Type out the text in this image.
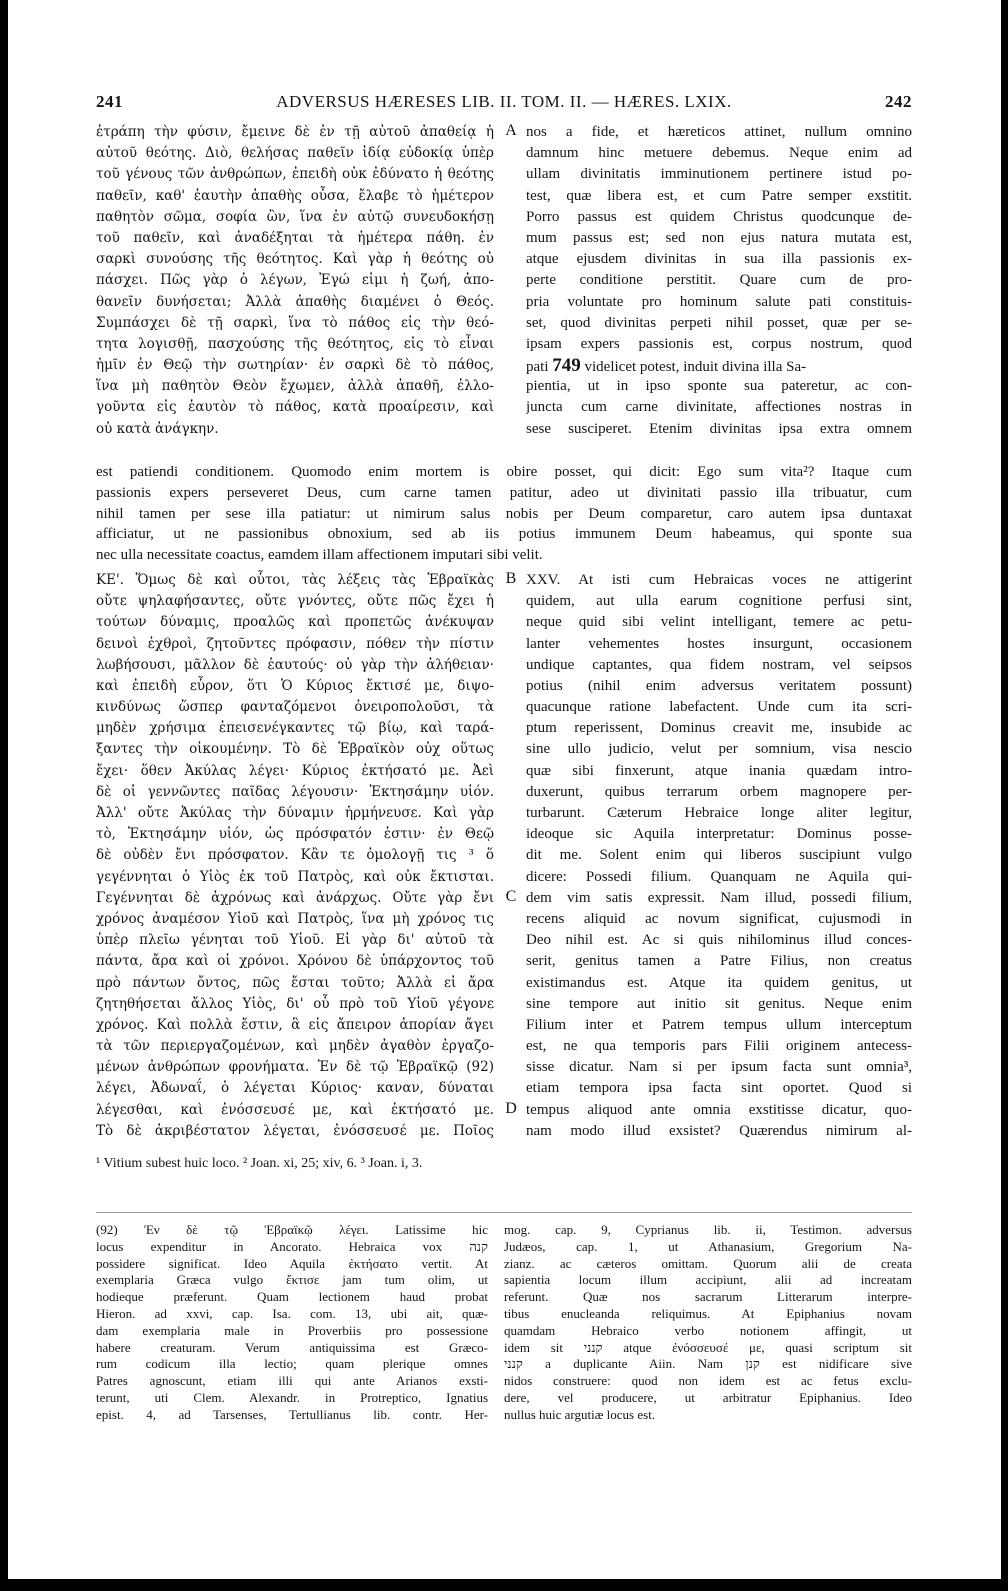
241	ADVERSUS HÆRESES LIB. II. TOM. II. — HÆRES. LXIX.	242
ἐτράπη τὴν φύσιν, ἔμεινε δὲ ἐν τῇ αὐτοῦ ἀπαθείᾳ ἡ
αὐτοῦ θεότης. Διὸ, θελήσας παθεῖν ἰδίᾳ εὐδοκίᾳ ὑπὲρ
τοῦ γένους τῶν ἀνθρώπων, ἐπειδὴ οὐκ ἐδύνατο ἡ θεότης
παθεῖν, καθ' ἑαυτὴν ἀπαθὴς οὖσα, ἔλαβε τὸ ἡμέτερον
παθητὸν σῶμα, σοφία ὢν, ἵνα ἐν αὐτῷ συνευδοκήσῃ
τοῦ παθεῖν, καὶ ἀναδέξηται τὰ ἡμέτερα πάθη. ἐν
σαρκὶ συνούσης τῆς θεότητος. Καὶ γὰρ ἡ θεότης οὐ
πάσχει. Πῶς γὰρ ὁ λέγων, Ἐγώ εἰμι ἡ ζωή, ἀπο-
θανεῖν δυνήσεται; Ἀλλὰ ἀπαθὴς διαμένει ὁ Θεός.
Συμπάσχει δὲ τῇ σαρκὶ, ἵνα τὸ πάθος εἰς τὴν θεό-
τητα λογισθῇ, πασχούσης τῆς θεότητος, εἰς τὸ εἶναι
ἡμῖν ἐν Θεῷ τὴν σωτηρίαν· ἐν σαρκὶ δὲ τὸ πάθος,
ἵνα μὴ παθητὸν Θεὸν ἔχωμεν, ἀλλὰ ἀπαθῆ, ἐλλο-
γοῦντα εἰς ἑαυτὸν τὸ πάθος, κατὰ προαίρεσιν, καὶ
οὐ κατὰ ἀνάγκην.
A nos a fide, et hæreticos attinet, nullum omnino
damnum hinc metuere debemus. Neque enim ad
ullam divinitatis imminutionem pertinere istud po-
test, quæ libera est, et cum Patre semper exstitit.
Porro passus est quidem Christus quodcunque de-
mum passus est; sed non ejus natura mutata est,
atque ejusdem divinitas in sua illa passionis ex-
perte conditione perstitit. Quare cum de pro-
pria voluntate pro hominum salute pati constituis-
set, quod divinitas perpeti nihil posset, quæ per se-
ipsam expers passionis est, corpus nostrum, quod
pati 749 videlicet potest, induit divina illa Sa-
pientia, ut in ipso sponte sua pateretur, ac con-
juncta cum carne divinitate, affectiones nostras in
sese susciperet. Etenim divinitas ipsa extra omnem
est patiendi conditionem. Quomodo enim mortem is obire posset, qui dicit: Ego sum vita²? Itaque cum
passionis expers perseveret Deus, cum carne tamen patitur, adeo ut divinitati passio illa tribuatur, cum
nihil tamen per sese illa patiatur: ut nimirum salus nobis per Deum comparetur, caro autem ipsa duntaxat
afficiatur, ut ne passionibus obnoxium, sed ab iis potius immunem Deum habeamus, qui sponte sua
nec ulla necessitate coactus, eamdem illam affectionem imputari sibi velit.
ΚΕ'. Ὅμως δὲ καὶ οὗτοι, τὰς λέξεις τὰς Ἑβραϊκὰς
οὔτε ψηλαφήσαντες, οὔτε γνόντες, οὔτε πῶς ἔχει ἡ
τούτων δύναμις, προαλῶς καὶ προπετῶς ἀνέκυψαν
δεινοὶ ἐχθροὶ, ζητοῦντες πρόφασιν, πόθεν τὴν πίστιν
λωβήσουσι, μᾶλλον δὲ ἑαυτούς· οὐ γὰρ τὴν ἀλήθειαν·
καὶ ἐπειδὴ εὗρον, ὅτι Ὁ Κύριος ἔκτισέ με, διψο-
κινδύνως ὥσπερ φανταζόμενοι ὀνειροπολοῦσι, τὰ
μηδὲν χρήσιμα ἐπεισενέγκαντες τῷ βίῳ, καὶ ταρά-
ξαντες τὴν οἰκουμένην. Τὸ δὲ Ἑβραϊκὸν οὐχ οὕτως
ἔχει· ὅθεν Ἀκύλας λέγει· Κύριος ἐκτήσατό με. Ἀεὶ
δὲ οἱ γεννῶντες παῖδας λέγουσιν· Ἐκτησάμην υἱόν.
Ἀλλ' οὔτε Ἀκύλας τὴν δύναμιν ἡρμήνευσε. Καὶ γὰρ
τὸ, Ἐκτησάμην υἱόν, ὡς πρόσφατόν ἐστιν· ἐν Θεῷ
δὲ οὐδὲν ἔνι πρόσφατον. Κἂν τε ὁμολογῇ τις ³ ὅ
γεγέννηται ὁ Υἱὸς ἐκ τοῦ Πατρὸς, καὶ οὐκ ἔκτισται.
Γεγέννηται δὲ ἀχρόνως καὶ ἀνάρχως. Οὔτε γὰρ ἔνι
χρόνος ἀναμέσον Υἱοῦ καὶ Πατρὸς, ἵνα μὴ χρόνος τις
ὑπὲρ πλεῖω γένηται τοῦ Υἱοῦ. Εἰ γὰρ δι' αὐτοῦ τὰ
πάντα, ἄρα καὶ οἱ χρόνοι. Χρόνου δὲ ὑπάρχοντος τοῦ
πρὸ πάντων ὄντος, πῶς ἔσται τοῦτο; Ἀλλὰ εἰ ἄρα
ζητηθήσεται ἄλλος Υἱὸς, δι' οὗ πρὸ τοῦ Υἱοῦ γέγονε
χρόνος. Καὶ πολλὰ ἔστιν, ἃ εἰς ἄπειρον ἀπορίαν ἄγει
τὰ τῶν περιεργαζομένων, καὶ μηδὲν ἀγαθὸν ἐργαζο-
μένων ἀνθρώπων φρονήματα. Ἐν δὲ τῷ Ἑβραϊκῷ (92)
λέγει, Ἀδωναΐ, ὁ λέγεται Κύριος· καναν, δύναται
λέγεσθαι, καὶ ἐνόσσευσέ με, καὶ ἐκτήσατό με.
Τὸ δὲ ἀκριβέστατον λέγεται, ἐνόσσευσέ με. Ποῖος
B
C
D
XXV. At isti cum Hebraicas voces ne attigerint
quidem, aut ulla earum cognitione perfusi sint,
neque quid sibi velint intelligant, temere ac petu-
lanter vehementes hostes insurgunt, occasionem
undique captantes, qua fidem nostram, vel seipsos
potius (nihil enim adversus veritatem possunt)
quacunque ratione labefactent. Unde cum ita scri-
ptum reperissent, Dominus creavit me, insubide ac
sine ullo judicio, velut per somnium, visa nescio
quæ sibi finxerunt, atque inania quædam intro-
duxerunt, quibus terrarum orbem magnopere per-
turbarunt. Cæterum Hebraice longe aliter legitur,
ideoque sic Aquila interpretatur: Dominus posse-
dit me. Solent enim qui liberos suscipiunt vulgo
dicere: Possedi filium. Quanquam ne Aquila qui-
dem vim satis expressit. Nam illud, possedi filium,
recens aliquid ac novum significat, cujusmodi in
Deo nihil est. Ac si quis nihilominus illud conces-
serit, genitus tamen a Patre Filius, non creatus
existimandus est. Atque ita quidem genitus, ut
sine tempore aut initio sit genitus. Neque enim
Filium inter et Patrem tempus ullum interceptum
est, ne qua temporis pars Filii originem antecess-
sisse dicatur. Nam si per ipsum facta sunt omnia³,
etiam tempora ipsa facta sint oportet. Quod si
tempus aliquod ante omnia exstitisse dicatur, quo-
nam modo illud exsistet? Quærendus nimirum al-
¹ Vitium subest huic loco. ² Joan. xi, 25; xiv, 6. ³ Joan. i, 3.
(92) Ἐν δὲ τῷ Ἑβραϊκῷ λέγει. Latissime hic
locus expenditur in Ancorato. Hebraica vox קנה
possidere significat. Ideo Aquila ἐκτήσατο vertit. At
exemplaria Græca vulgo ἔκτισε jam tum olim, ut
hodieque præferunt. Quam lectionem haud probat
Hieron. ad xxvi, cap. Isa. com. 13, ubi ait, quæ-
dam exemplaria male in Proverbiis pro possessione
habere creaturam. Verum antiquissima est Græco-
rum codicum illa lectio; quam plerique omnes
Patres agnoscunt, etiam illi qui ante Arianos exsti-
terunt, uti Clem. Alexandr. in Protreptico, Ignatius
epist. 4, ad Tarsenses, Tertullianus lib. contr. Her-
mog. cap. 9, Cyprianus lib. ii, Testimon. adversus
Judæos, cap. 1, ut Athanasium, Gregorium Na-
zianz. ac cæteros omittam. Quorum alii de creata
sapientia locum illum accipiunt, alii ad increatam
referunt. Quæ nos sacrarum Litterarum interpre-
tibus enucleanda reliquimus. At Epiphanius novam
quamdam Hebraico verbo notionem affingit, ut
idem sit קנני atque ἐνόσσευσέ με, quasi scriptum sit
קנני a duplicante Aiin. Nam קנן est nidificare sive
nidos construere: quod non idem est ac fetus exclu-
dere, vel producere, ut arbitratur Epiphanius. Ideo
nullus huic argutiæ locus est.
